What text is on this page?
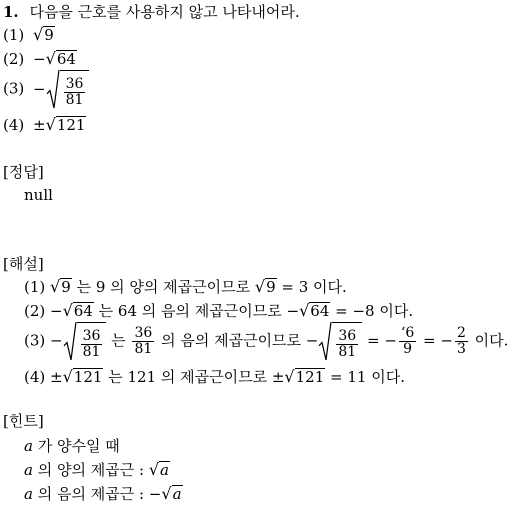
1. 다음을 근호를 사용하지 않고 나타내어라.
(1) √9
(2) −√64
$(3) - \frac{36}{81}$
(4) ±√121
[정답]
null
[해설]
(1) √9 는 9 의 양의 제곱근이므로 √9 = 3 이다.
(2) −√64 는 64 의 음의 제곱근이므로 −√64 = −8 이다.
$(3) - \frac{36}{81}$ 는 $\frac{36}{81}$ 의 음의 제곱근이므로 − $\frac{36}{81}$ = − $\frac{‘6}{9}$ = − $\frac{2}{3}$ 이다.
(4) ±√121 는 121 의 제곱근이므로 ±√121 = 11 이다.
[힌트]
a 가 양수일 때
a 의 양의 제곱근 : √a
a 의 음의 제곱근 : −√a
